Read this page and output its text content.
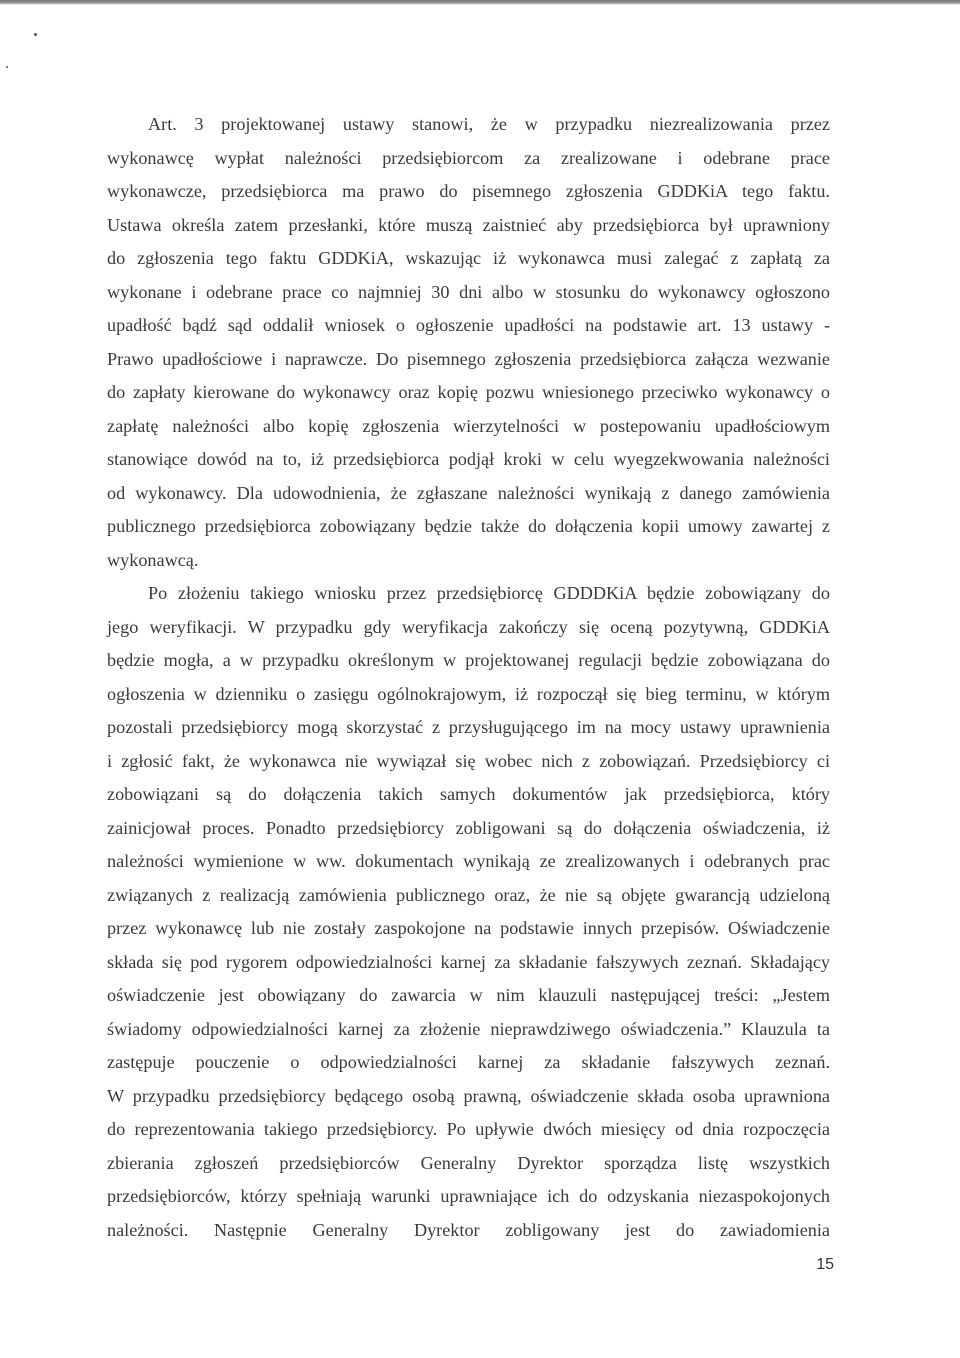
Art. 3 projektowanej ustawy stanowi, że w przypadku niezrealizowania przez
wykonawcę wypłat należności przedsiębiorcom za zrealizowane i odebrane prace
wykonawcze, przedsiębiorca ma prawo do pisemnego zgłoszenia GDDKiA tego faktu.
Ustawa określa zatem przesłanki, które muszą zaistnieć aby przedsiębiorca był uprawniony
do zgłoszenia tego faktu GDDKiA, wskazując iż wykonawca musi zalegać z zapłatą za
wykonane i odebrane prace co najmniej 30 dni albo w stosunku do wykonawcy ogłoszono
upadłość bądź sąd oddalił wniosek o ogłoszenie upadłości na podstawie art. 13 ustawy -
Prawo upadłościowe i naprawcze. Do pisemnego zgłoszenia przedsiębiorca załącza wezwanie
do zapłaty kierowane do wykonawcy oraz kopię pozwu wniesionego przeciwko wykonawcy o
zapłatę należności albo kopię zgłoszenia wierzytelności w postepowaniu upadłościowym
stanowiące dowód na to, iż przedsiębiorca podjął kroki w celu wyegzekwowania należności
od wykonawcy. Dla udowodnienia, że zgłaszane należności wynikają z danego zamówienia
publicznego przedsiębiorca zobowiązany będzie także do dołączenia kopii umowy zawartej z
wykonawcą.

Po złożeniu takiego wniosku przez przedsiębiorcę GDDDKiA będzie zobowiązany do
jego weryfikacji. W przypadku gdy weryfikacja zakończy się oceną pozytywną, GDDKiA
będzie mogła, a w przypadku określonym w projektowanej regulacji będzie zobowiązana do
ogłoszenia w dzienniku o zasięgu ogólnokrajowym, iż rozpoczął się bieg terminu, w którym
pozostali przedsiębiorcy mogą skorzystać z przysługującego im na mocy ustawy uprawnienia
i zgłosić fakt, że wykonawca nie wywiązał się wobec nich z zobowiązań. Przedsiębiorcy ci
zobowiązani są do dołączenia takich samych dokumentów jak przedsiębiorca, który
zainicjował proces. Ponadto przedsiębiorcy zobligowani są do dołączenia oświadczenia, iż
należności wymienione w ww. dokumentach wynikają ze zrealizowanych i odebranych prac
związanych z realizacją zamówienia publicznego oraz, że nie są objęte gwarancją udzieloną
przez wykonawcę lub nie zostały zaspokojone na podstawie innych przepisów. Oświadczenie
składa się pod rygorem odpowiedzialności karnej za składanie fałszywych zeznań. Składający
oświadczenie jest obowiązany do zawarcia w nim klauzuli następującej treści: „Jestem
świadomy odpowiedzialności karnej za złożenie nieprawdziwego oświadczenia.” Klauzula ta
zastępuje pouczenie o odpowiedzialności karnej za składanie fałszywych zeznań.
W przypadku przedsiębiorcy będącego osobą prawną, oświadczenie składa osoba uprawniona
do reprezentowania takiego przedsiębiorcy. Po upływie dwóch miesięcy od dnia rozpoczęcia
zbierania zgłoszeń przedsiębiorców Generalny Dyrektor sporządza listę wszystkich
przedsiębiorców, którzy spełniają warunki uprawniające ich do odzyskania niezaspokojonych
należności. Następnie Generalny Dyrektor zobligowany jest do zawiadomienia

15
